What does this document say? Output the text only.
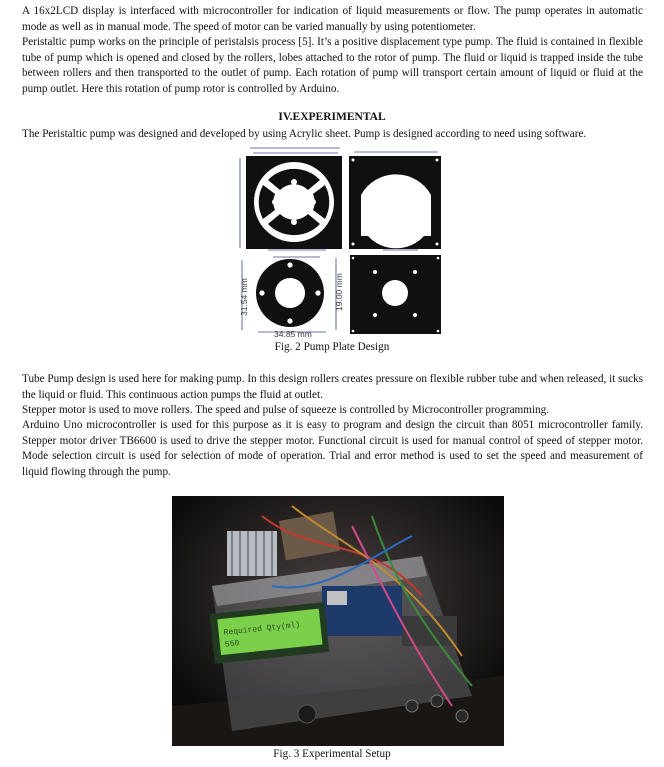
A 16x2LCD display is interfaced with microcontroller for indication of liquid measurements or flow. The pump operates in automatic mode as well as in manual mode. The speed of motor can be varied manually by using potentiometer.

Peristaltic pump works on the principle of peristalsis process [5]. It’s a positive displacement type pump. The fluid is contained in flexible tube of pump which is opened and closed by the rollers, lobes attached to the rotor of pump. The fluid or liquid is trapped inside the tube between rollers and then transported to the outlet of pump. Each rotation of pump will transport certain amount of liquid or fluid at the pump outlet. Here this rotation of pump rotor is controlled by Arduino.

IV.EXPERIMENTAL

The Peristaltic pump was designed and developed by using Acrylic sheet. Pump is designed according to need using software.

31.54 mm	19.00 mm
34.85 mm

Fig. 2 Pump Plate Design

Tube Pump design is used here for making pump. In this design rollers creates pressure on flexible rubber tube and when released, it sucks the liquid or fluid. This continuous action pumps the fluid at outlet.

Stepper motor is used to move rollers. The speed and pulse of squeeze is controlled by Microcontroller programming.

Arduino Uno microcontroller is used for this purpose as it is easy to program and design the circuit than 8051 microcontroller family. Stepper motor driver TB6600 is used to drive the stepper motor. Functional circuit is used for manual control of speed of stepper motor. Mode selection circuit is used for selection of mode of operation. Trial and error method is used to set the speed and measurement of liquid flowing through the pump.

Required Qty(ml)
550

Fig. 3 Experimental Setup
